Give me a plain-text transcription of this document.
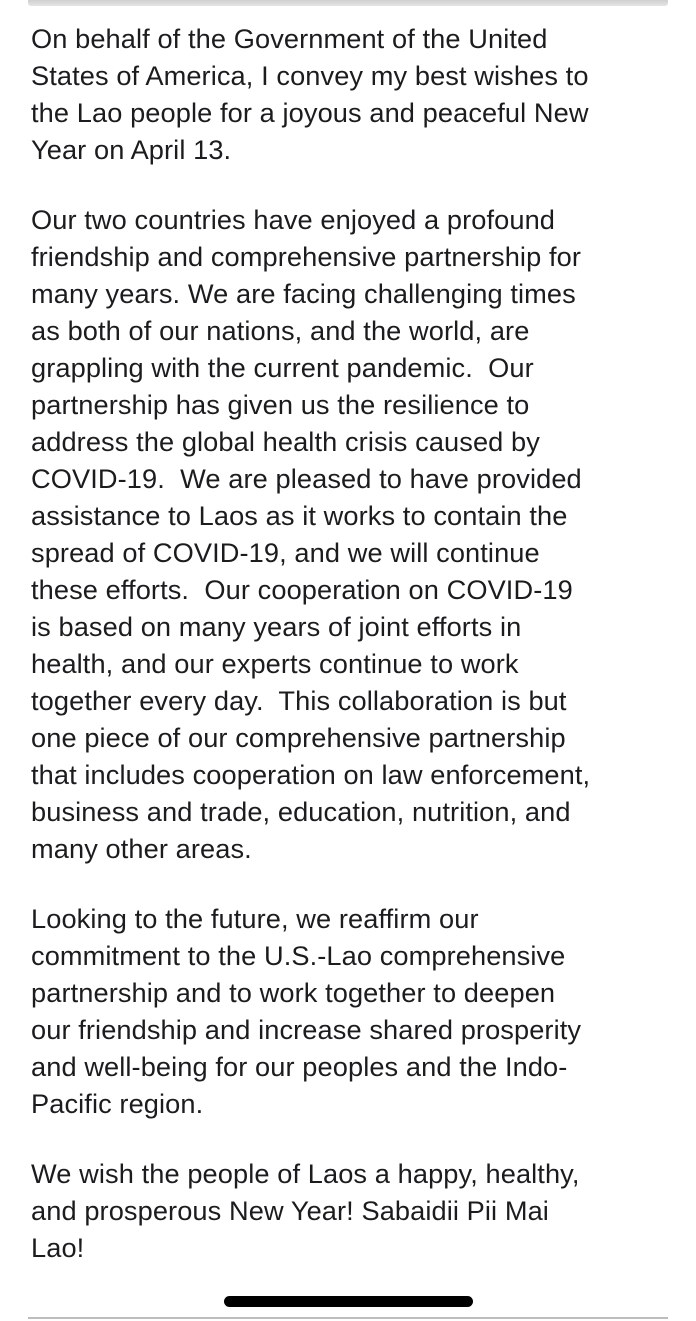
On behalf of the Government of the United
States of America, I convey my best wishes to
the Lao people for a joyous and peaceful New
Year on April 13.

Our two countries have enjoyed a profound
friendship and comprehensive partnership for
many years. We are facing challenging times
as both of our nations, and the world, are
grappling with the current pandemic.  Our
partnership has given us the resilience to
address the global health crisis caused by
COVID-19.  We are pleased to have provided
assistance to Laos as it works to contain the
spread of COVID-19, and we will continue
these efforts.  Our cooperation on COVID-19
is based on many years of joint efforts in
health, and our experts continue to work
together every day.  This collaboration is but
one piece of our comprehensive partnership
that includes cooperation on law enforcement,
business and trade, education, nutrition, and
many other areas.

Looking to the future, we reaffirm our
commitment to the U.S.-Lao comprehensive
partnership and to work together to deepen
our friendship and increase shared prosperity
and well-being for our peoples and the Indo-
Pacific region.

We wish the people of Laos a happy, healthy,
and prosperous New Year! Sabaidii Pii Mai
Lao!
